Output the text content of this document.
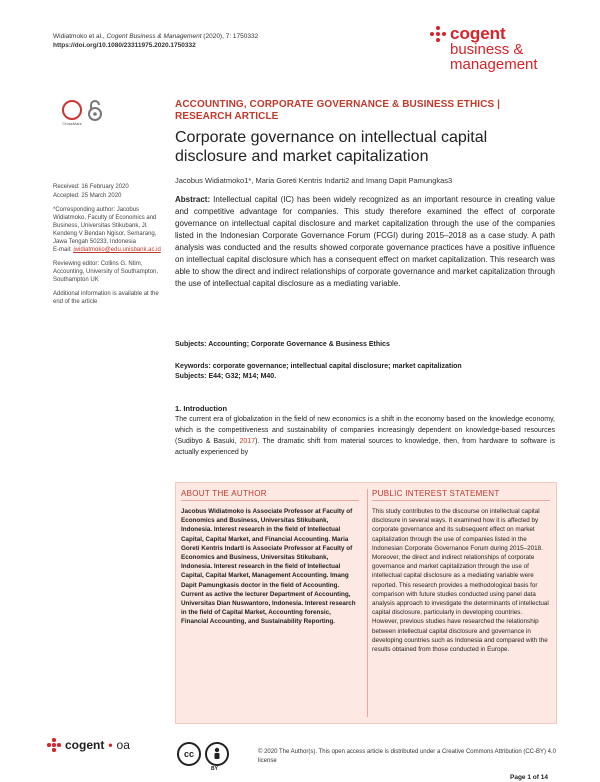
Widiatmoko et al., Cogent Business & Management (2020), 7: 1750332
https://doi.org/10.1080/23311975.2020.1750332
cogent
business &
management
CrossMark
ACCOUNTING, CORPORATE GOVERNANCE & BUSINESS ETHICS | RESEARCH ARTICLE
Corporate governance on intellectual capital disclosure and market capitalization
Jacobus Widiatmoko1*, Maria Goreti Kentris Indarti2 and Imang Dapit Pamungkas3

Received: 16 February 2020

Accepted: 25 March 2020

*Corresponding author: Jacobus Widiatmoko, Faculty of Economics and Business, Universitas Stikubank, Jl. Kendeng V Bendan Ngisor, Semarang, Jawa Tengah 50233, Indonesia
E-mail: jwidiatmoko@edu.unisbank.ac.id

Reviewing editor: Collins G. Ntim, Accounting, University of Southampton, Southampton UK

Additional information is available at the end of the article

Abstract: Intellectual capital (IC) has been widely recognized as an important resource in creating value and competitive advantage for companies. This study therefore examined the effect of corporate governance on intellectual capital disclosure and market capitalization through the use of the companies listed in the Indonesian Corporate Governance Forum (FCGI) during 2015–2018 as a case study. A path analysis was conducted and the results showed corporate governance practices have a positive influence on intellectual capital disclosure which has a consequent effect on market capitalization. This research was able to show the direct and indirect relationships of corporate governance and market capitalization through the use of intellectual capital disclosure as a mediating variable.
Subjects: Accounting; Corporate Governance & Business Ethics
Keywords: corporate governance; intellectual capital disclosure; market capitalization
Subjects: E44; G32; M14; M40.
1. Introduction
The current era of globalization in the field of new economics is a shift in the economy based on the knowledge economy, which is the competitiveness and sustainability of companies increasingly dependent on knowledge-based resources (Sudibyo & Basuki, 2017). The dramatic shift from material sources to knowledge, then, from hardware to software is actually experienced by
ABOUT THE AUTHOR
Jacobus Widiatmoko is Associate Professor at Faculty of Economics and Business, Universitas Stikubank, Indonesia. Interest research in the field of Intellectual Capital, Capital Market, and Financial Accounting. Maria Goreti Kentris Indarti is Associate Professor at Faculty of Economics and Business, Universitas Stikubank, Indonesia. Interest research in the field of Intellectual Capital, Capital Market, Management Accounting. Imang Dapit Pamungkasis doctor in the field of Accounting. Current as active the lecturer Department of Accounting, Universitas Dian Nuswantoro, Indonesia. Interest research in the field of Capital Market, Accounting forensic, Financial Accounting, and Sustainability Reporting.
PUBLIC INTEREST STATEMENT
This study contributes to the discourse on intellectual capital disclosure in several ways. It examined how it is affected by corporate governance and its subsequent effect on market capitalization through the use of companies listed in the Indonesian Corporate Governance Forum during 2015–2018. Moreover, the direct and indirect relationships of corporate governance and market capitalization through the use of intellectual capital disclosure as a mediating variable were reported. This research provides a methodological basis for comparison with future studies conducted using panel data analysis approach to investigate the determinants of intellectual capital disclosure, particularly in developing countries. However, previous studies have researched the relationship between intellectual capital disclosure and governance in developing countries such as Indonesia and compared with the results obtained from those conducted in Europe.
cogent • oa
cc
BY
© 2020 The Author(s). This open access article is distributed under a Creative Commons Attribution (CC-BY) 4.0 license
Page 1 of 14
